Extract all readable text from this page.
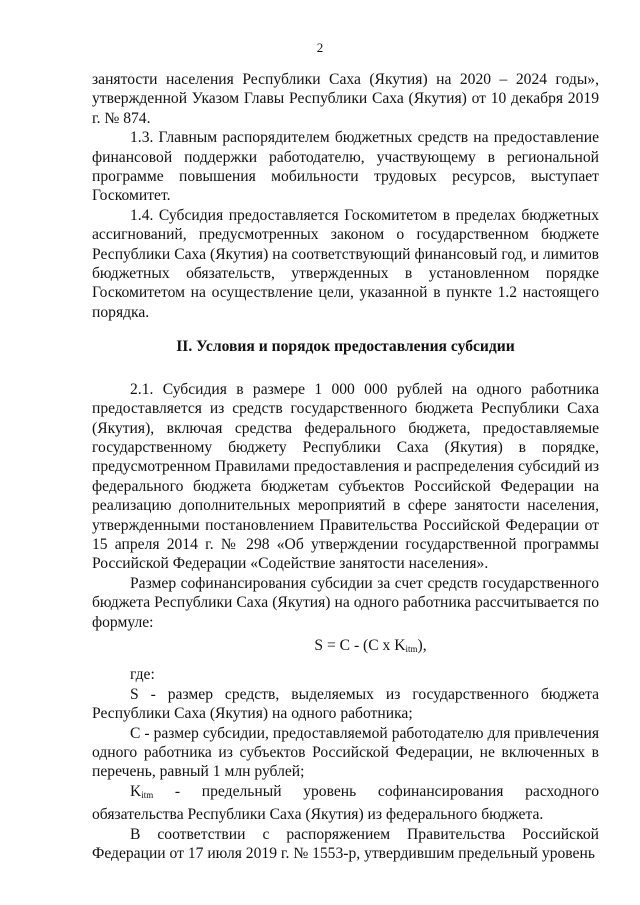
2

занятости населения Республики Саха (Якутия) на 2020 – 2024 годы», утвержденной Указом Главы Республики Саха (Якутия) от 10 декабря 2019 г. № 874.

1.3. Главным распорядителем бюджетных средств на предоставление финансовой поддержки работодателю, участвующему в региональной программе повышения мобильности трудовых ресурсов, выступает Госкомитет.

1.4. Субсидия предоставляется Госкомитетом в пределах бюджетных ассигнований, предусмотренных законом о государственном бюджете Республики Саха (Якутия) на соответствующий финансовый год, и лимитов бюджетных обязательств, утвержденных в установленном порядке Госкомитетом на осуществление цели, указанной в пункте 1.2 настоящего порядка.

II. Условия и порядок предоставления субсидии

2.1. Субсидия в размере 1 000 000 рублей на одного работника предоставляется из средств государственного бюджета Республики Саха (Якутия), включая средства федерального бюджета, предоставляемые государственному бюджету Республики Саха (Якутия) в порядке, предусмотренном Правилами предоставления и распределения субсидий из федерального бюджета бюджетам субъектов Российской Федерации на реализацию дополнительных мероприятий в сфере занятости населения, утвержденными постановлением Правительства Российской Федерации от 15 апреля 2014 г. № 298 «Об утверждении государственной программы Российской Федерации «Содействие занятости населения».

Размер софинансирования субсидии за счет средств государственного бюджета Республики Саха (Якутия) на одного работника рассчитывается по формуле:

S = C - (C x $K_{itm}$),

где:

S - размер средств, выделяемых из государственного бюджета Республики Саха (Якутия) на одного работника;

С - размер субсидии, предоставляемой работодателю для привлечения одного работника из субъектов Российской Федерации, не включенных в перечень, равный 1 млн рублей;

$K_{itm}$ - предельный уровень софинансирования расходного обязательства Республики Саха (Якутия) из федерального бюджета.

В соответствии с распоряжением Правительства Российской Федерации от 17 июля 2019 г. № 1553-р, утвердившим предельный уровень
